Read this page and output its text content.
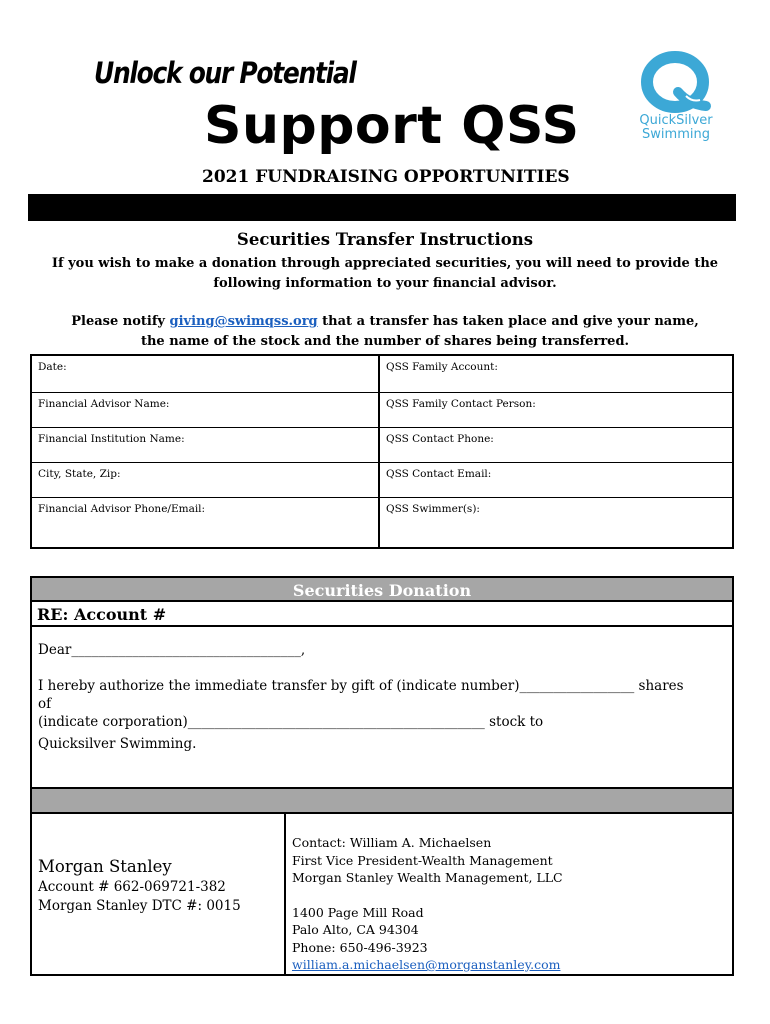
Unlock our Potential
Support QSS
2021 FUNDRAISING OPPORTUNITIES
QuickSilver
Swimming
Securities Transfer Instructions
If you wish to make a donation through appreciated securities, you will need to provide the
following information to your financial advisor.
Please notify giving@swimqss.org that a transfer has taken place and give your name,
the name of the stock and the number of shares being transferred.
Date:	QSS Family Account:
Financial Advisor Name:	QSS Family Contact Person:
Financial Institution Name:	QSS Contact Phone:
City, State, Zip:	QSS Contact Email:
Financial Advisor Phone/Email:	QSS Swimmer(s):
Securities Donation
RE: Account #

Dear__________________________________,

I hereby authorize the immediate transfer by gift of (indicate number)_________________ shares

of

(indicate corporation)____________________________________________ stock to

Quicksilver Swimming.

Morgan Stanley
Account # 662-069721-382
Morgan Stanley DTC #: 0015
Contact: William A. Michaelsen
First Vice President-Wealth Management
Morgan Stanley Wealth Management, LLC
1400 Page Mill Road
Palo Alto, CA 94304
Phone: 650-496-3923
william.a.michaelsen@morganstanley.com
